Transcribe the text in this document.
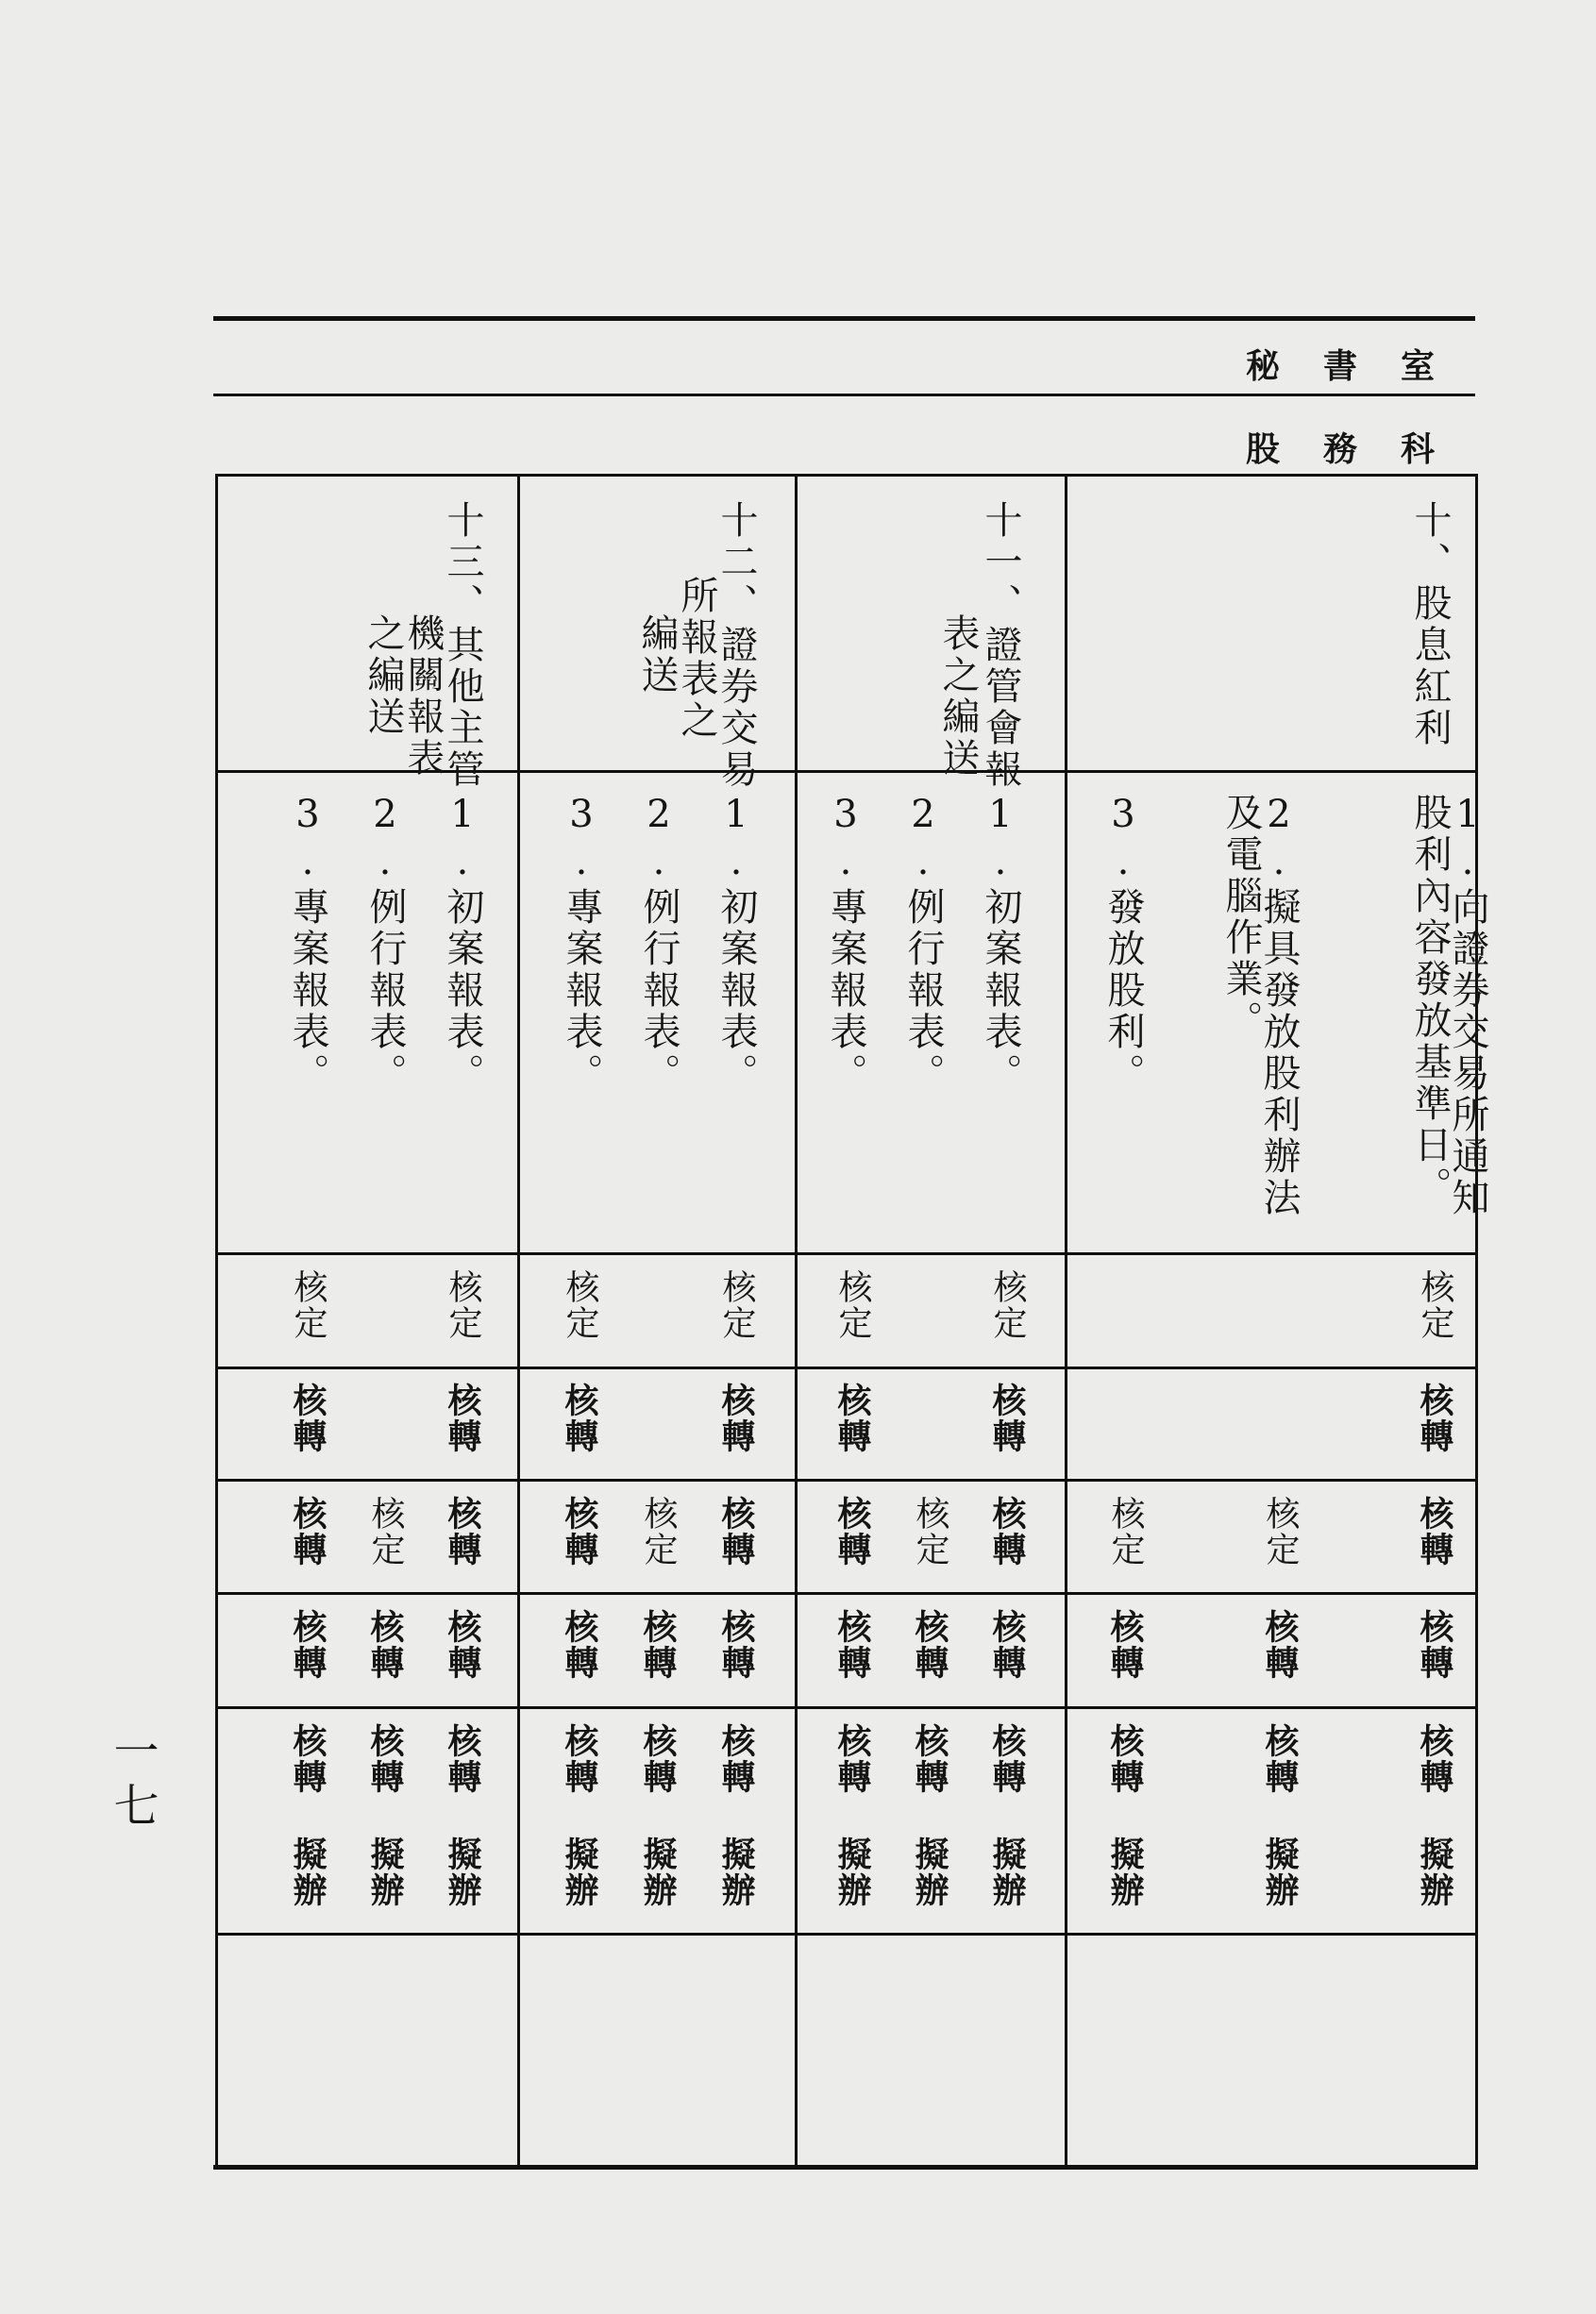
秘書室
股務科
十、股息紅利
1.向證券交易所通知股利內容發放基準日。
2.擬具發放股利辦法及電腦作業。
3.發放股利。
十一、證管會報
表之編送
1.初案報表。
2.例行報表。
3.專案報表。
十二、證券交易
所報表之
編送
1.初案報表。
2.例行報表。
3.專案報表。
十三、其他主管
機關報表
之編送
1.初案報表。
2.例行報表。
3.專案報表。
核定
核定
核定
核定
核定
核定
核定
核轉
核轉
核轉
核轉
核轉
核轉
核轉
核轉
核定
核定
核轉
核定
核轉
核轉
核定
核轉
核轉
核定
核轉
核轉
核轉
核轉
核轉
核轉
核轉
核轉
核轉
核轉
核轉
核轉
核轉
核轉
核轉
核轉
核轉
核轉
核轉
核轉
核轉
核轉
核轉
核轉
核轉
擬辦
擬辦
擬辦
擬辦
擬辦
擬辦
擬辦
擬辦
擬辦
擬辦
擬辦
擬辦
一七
